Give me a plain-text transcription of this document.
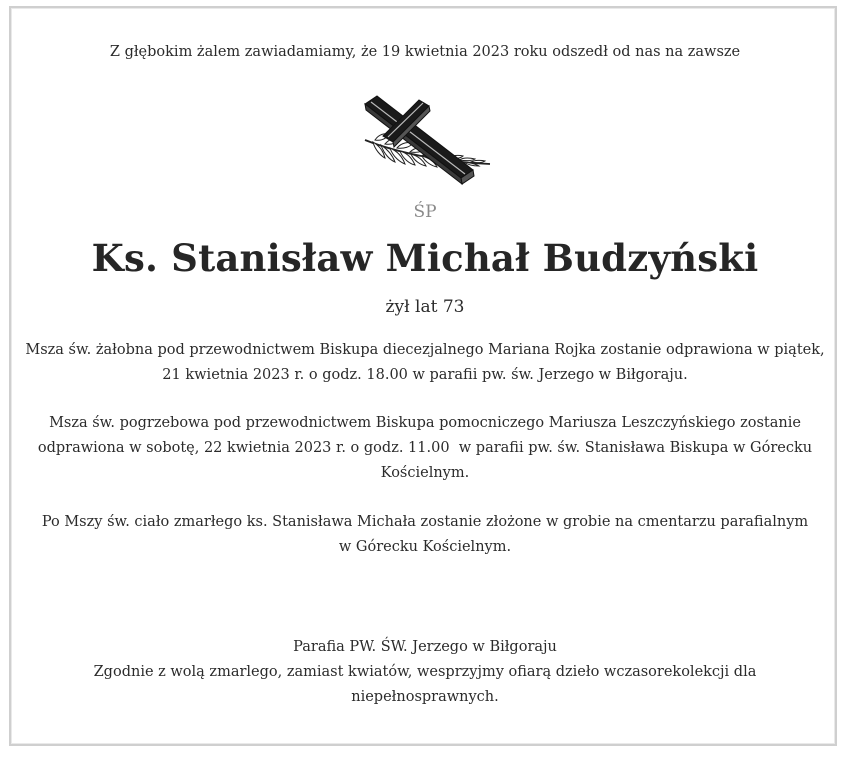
Z głębokim żalem zawiadamiamy, że 19 kwietnia 2023 roku odszedł od nas na zawsze
ŚP
Ks. Stanisław Michał Budzyński
żył lat 73
Msza św. żałobna pod przewodnictwem Biskupa diecezjalnego Mariana Rojka zostanie odprawiona w piątek,
21 kwietnia 2023 r. o godz. 18.00 w parafii pw. św. Jerzego w Biłgoraju.
Msza św. pogrzebowa pod przewodnictwem Biskupa pomocniczego Mariusza Leszczyńskiego zostanie
odprawiona w sobotę, 22 kwietnia 2023 r. o godz. 11.00  w parafii pw. św. Stanisława Biskupa w Górecku
Kościelnym.
Po Mszy św. ciało zmarłego ks. Stanisława Michała zostanie złożone w grobie na cmentarzu parafialnym
w Górecku Kościelnym.
Parafia PW. ŚW. Jerzego w Biłgoraju
Zgodnie z wolą zmarlego, zamiast kwiatów, wesprzyjmy ofiarą dzieło wczasorekolekcji dla
niepełnosprawnych.
